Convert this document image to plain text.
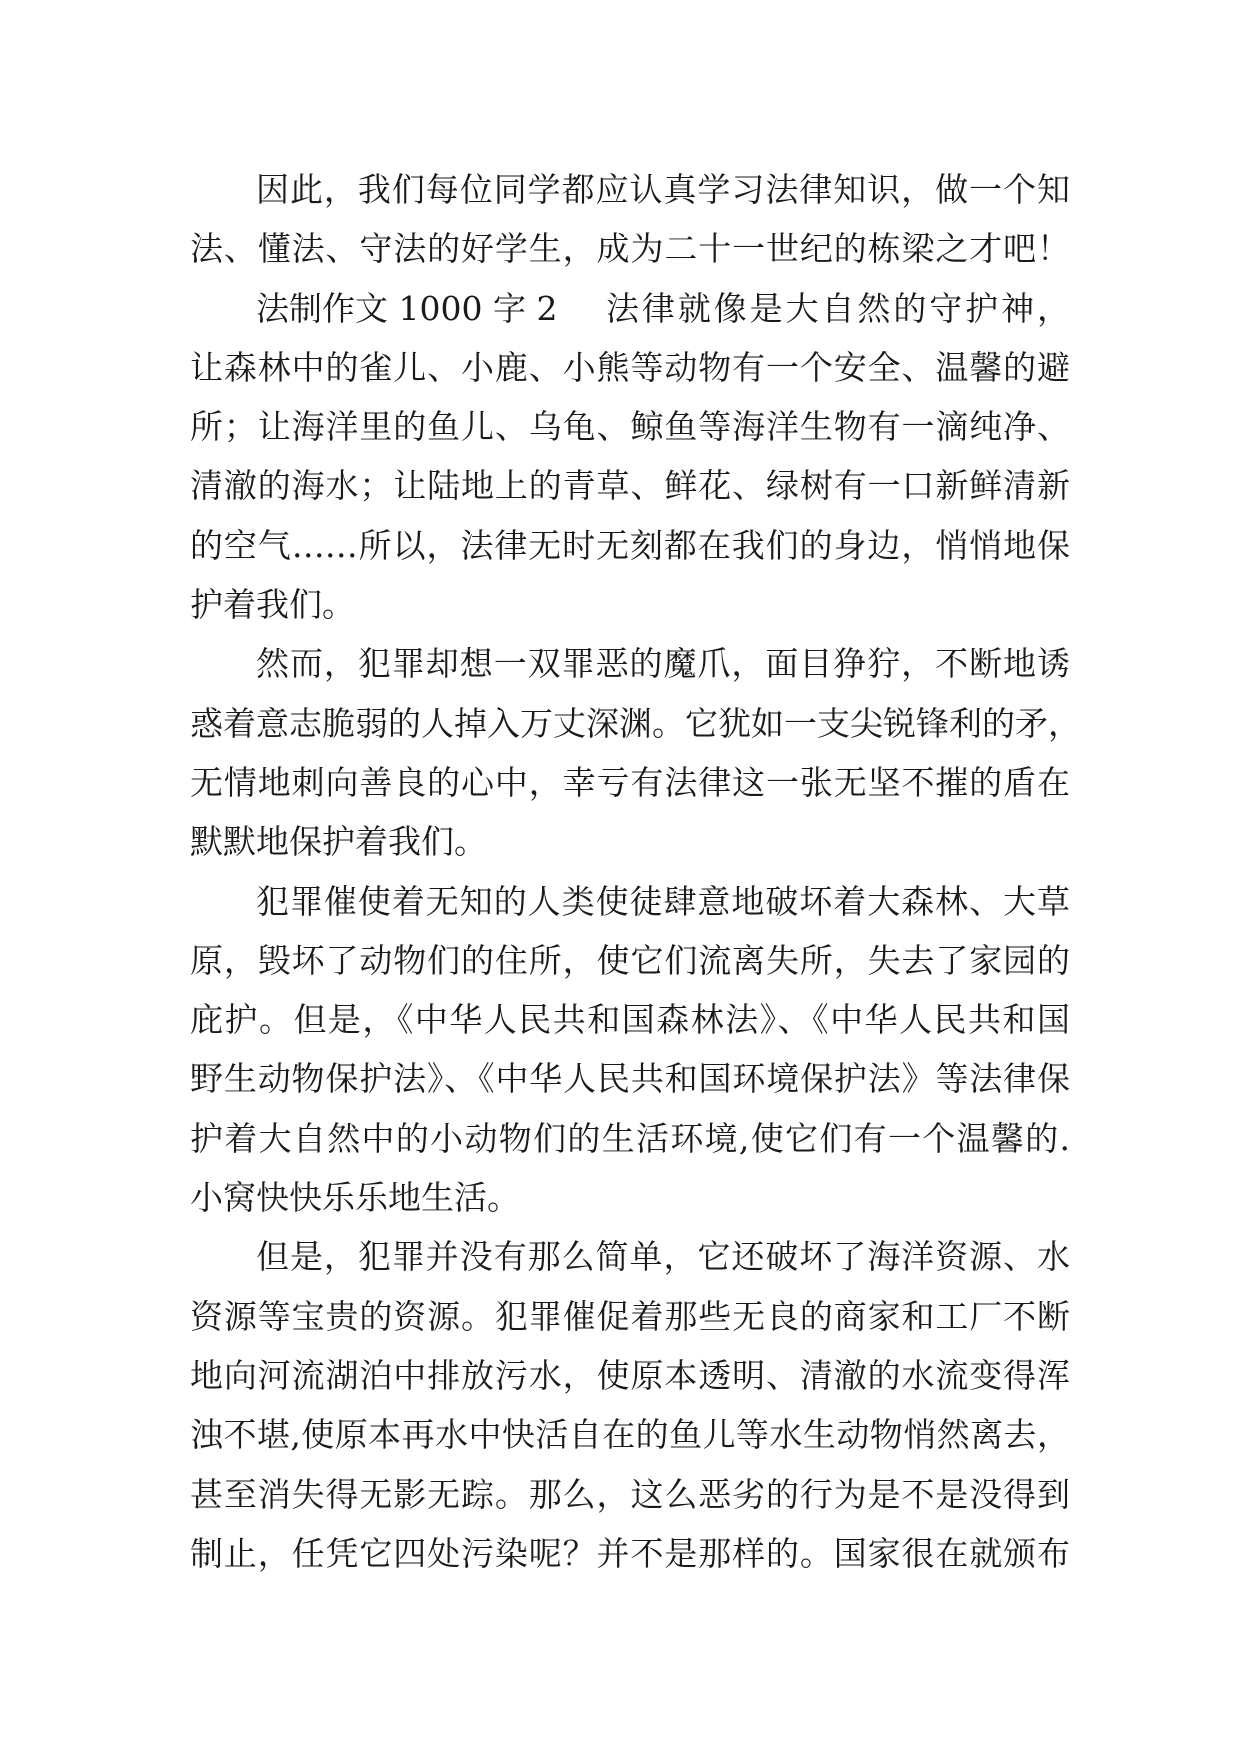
因此，我们每位同学都应认真学习法律知识，做一个知
法、懂法、守法的好学生，成为二十一世纪的栋梁之才吧！
法制作文 1000 字 2	法律就像是大自然的守护神，
让森林中的雀儿、小鹿、小熊等动物有一个安全、温馨的避
所；让海洋里的鱼儿、乌龟、鲸鱼等海洋生物有一滴纯净、
清澈的海水；让陆地上的青草、鲜花、绿树有一口新鲜清新
的空气……所以，法律无时无刻都在我们的身边，悄悄地保
护着我们。
然而，犯罪却想一双罪恶的魔爪，面目狰狞，不断地诱
惑着意志脆弱的人掉入万丈深渊。它犹如一支尖锐锋利的矛，
无情地刺向善良的心中，幸亏有法律这一张无坚不摧的盾在
默默地保护着我们。
犯罪催使着无知的人类使徒肆意地破坏着大森林、大草
原，毁坏了动物们的住所，使它们流离失所，失去了家园的
庇护。但是，《中华人民共和国森林法》、《中华人民共和国
野生动物保护法》、《中华人民共和国环境保护法》等法律保
护着大自然中的小动物们的生活环境,使它们有一个温馨的.
小窝快快乐乐地生活。
但是，犯罪并没有那么简单，它还破坏了海洋资源、水
资源等宝贵的资源。犯罪催促着那些无良的商家和工厂不断
地向河流湖泊中排放污水，使原本透明、清澈的水流变得浑
浊不堪,使原本再水中快活自在的鱼儿等水生动物悄然离去，
甚至消失得无影无踪。那么，这么恶劣的行为是不是没得到
制止，任凭它四处污染呢？并不是那样的。国家很在就颁布
